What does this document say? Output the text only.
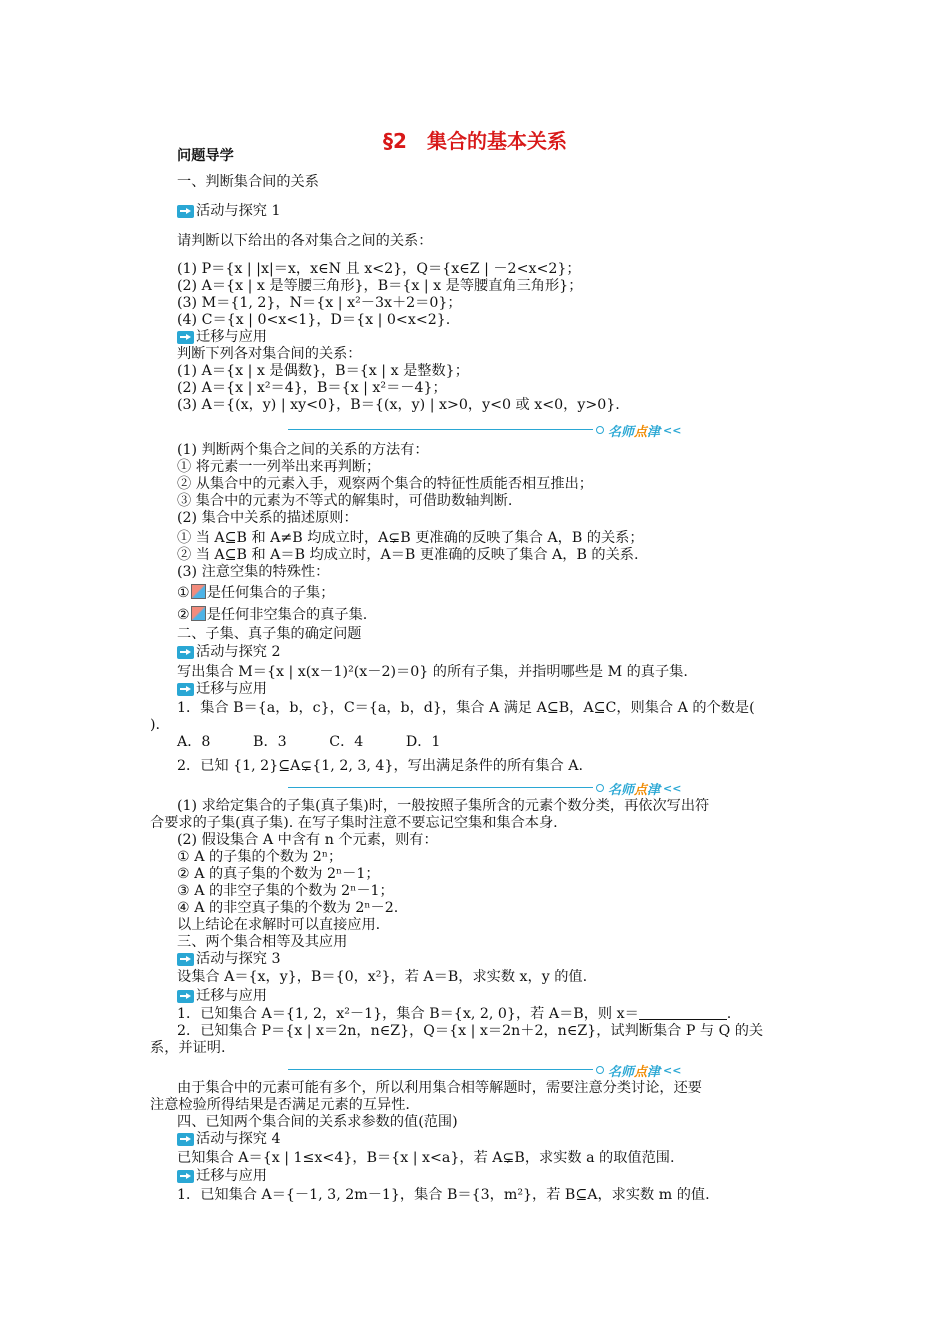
§2　集合的基本关系
问题导学
一、判断集合间的关系
活动与探究 1
请判断以下给出的各对集合之间的关系：
(1) P＝{x | |x|＝x，x∈N 且 x<2}，Q＝{x∈Z | －2<x<2}；
(2) A＝{x | x 是等腰三角形}，B＝{x | x 是等腰直角三角形}；
(3) M＝{1, 2}，N＝{x | x²－3x＋2＝0}；
(4) C＝{x | 0<x<1}，D＝{x | 0<x<2}.
迁移与应用
判断下列各对集合间的关系：
(1) A＝{x | x 是偶数}，B＝{x | x 是整数}；
(2) A＝{x | x²＝4}，B＝{x | x²＝－4}；
(3) A＝{(x，y) | xy<0}，B＝{(x，y) | x>0，y<0 或 x<0，y>0}.
名师 点 津 <<
(1) 判断两个集合之间的关系的方法有：
① 将元素一一列举出来再判断；
② 从集合中的元素入手，观察两个集合的特征性质能否相互推出；
③ 集合中的元素为不等式的解集时，可借助数轴判断.
(2) 集合中关系的描述原则：
① 当 A⊆B 和 A≠B 均成立时，A⊊B 更准确的反映了集合 A，B 的关系；
② 当 A⊆B 和 A＝B 均成立时，A＝B 更准确的反映了集合 A，B 的关系.
(3) 注意空集的特殊性：
① 是任何集合的子集；
② 是任何非空集合的真子集.
二、子集、真子集的确定问题
活动与探究 2
写出集合 M＝{x | x(x－1)²(x－2)＝0} 的所有子集，并指明哪些是 M 的真子集.
迁移与应用
1．集合 B＝{a，b，c}，C＝{a，b，d}，集合 A 满足 A⊆B，A⊆C，则集合 A 的个数是(
).
A．8　　　B．3　　　C．4　　　D．1
2．已知 {1, 2}⊆A⊊{1, 2, 3, 4}，写出满足条件的所有集合 A.
名师 点 津 <<
(1) 求给定集合的子集(真子集)时，一般按照子集所含的元素个数分类，再依次写出符
合要求的子集(真子集). 在写子集时注意不要忘记空集和集合本身.
(2) 假设集合 A 中含有 n 个元素，则有：
① A 的子集的个数为 2ⁿ；
② A 的真子集的个数为 2ⁿ－1；
③ A 的非空子集的个数为 2ⁿ－1；
④ A 的非空真子集的个数为 2ⁿ－2.
以上结论在求解时可以直接应用.
三、两个集合相等及其应用
活动与探究 3
设集合 A＝{x，y}，B＝{0，x²}，若 A＝B，求实数 x，y 的值.
迁移与应用
1．已知集合 A＝{1, 2，x²－1}，集合 B＝{x, 2, 0}，若 A＝B，则 x＝	.
2．已知集合 P＝{x | x＝2n，n∈Z}，Q＝{x | x＝2n＋2，n∈Z}，试判断集合 P 与 Q 的关
系，并证明.
名师 点 津 <<
由于集合中的元素可能有多个，所以利用集合相等解题时，需要注意分类讨论，还要
注意检验所得结果是否满足元素的互异性.
四、已知两个集合间的关系求参数的值(范围)
活动与探究 4
已知集合 A＝{x | 1≤x<4}，B＝{x | x<a}，若 A⊊B，求实数 a 的取值范围.
迁移与应用
1．已知集合 A＝{－1, 3, 2m－1}，集合 B＝{3，m²}，若 B⊆A，求实数 m 的值.
